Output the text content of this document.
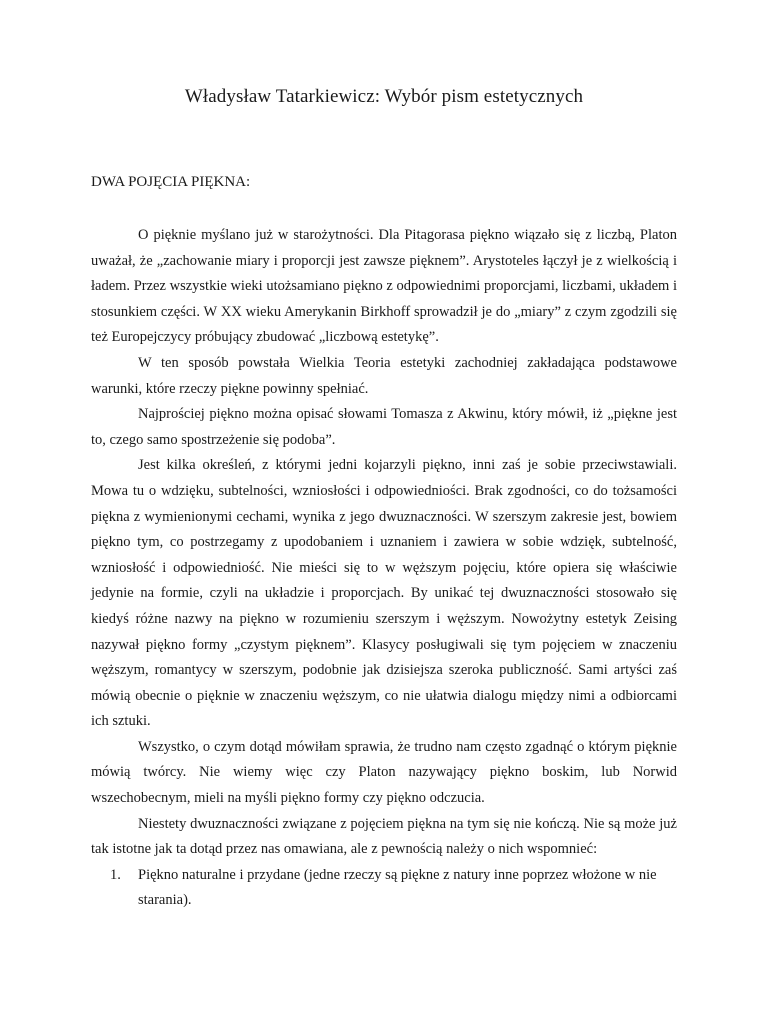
Władysław Tatarkiewicz: Wybór pism estetycznych
DWA POJĘCIA PIĘKNA:

O pięknie myślano już w starożytności. Dla Pitagorasa piękno wiązało się z liczbą, Platon uważał, że „zachowanie miary i proporcji jest zawsze pięknem”. Arystoteles łączył je z wielkością i ładem. Przez wszystkie wieki utożsamiano piękno z odpowiednimi proporcjami, liczbami, układem i stosunkiem części. W XX wieku Amerykanin Birkhoff sprowadził je do „miary” z czym zgodzili się też Europejczycy próbujący zbudować „liczbową estetykę”.

W ten sposób powstała Wielkia Teoria estetyki zachodniej zakładająca podstawowe warunki, które rzeczy piękne powinny spełniać.

Najprościej piękno można opisać słowami Tomasza z Akwinu, który mówił, iż „piękne jest to, czego samo spostrzeżenie się podoba”.

Jest kilka określeń, z którymi jedni kojarzyli piękno, inni zaś je sobie przeciwstawiali. Mowa tu o wdzięku, subtelności, wzniosłości i odpowiedniości. Brak zgodności, co do tożsamości piękna z wymienionymi cechami, wynika z jego dwuznaczności. W szerszym zakresie jest, bowiem piękno tym, co postrzegamy z upodobaniem i uznaniem i zawiera w sobie wdzięk, subtelność, wzniosłość i odpowiedniość. Nie mieści się to w węższym pojęciu, które opiera się właściwie jedynie na formie, czyli na układzie i proporcjach. By unikać tej dwuznaczności stosowało się kiedyś różne nazwy na piękno w rozumieniu szerszym i węższym. Nowożytny estetyk Zeising nazywał piękno formy „czystym pięknem”. Klasycy posługiwali się tym pojęciem w znaczeniu węższym, romantycy w szerszym, podobnie jak dzisiejsza szeroka publiczność. Sami artyści zaś mówią obecnie o pięknie w znaczeniu węższym, co nie ułatwia dialogu między nimi a odbiorcami ich sztuki.

Wszystko, o czym dotąd mówiłam sprawia, że trudno nam często zgadnąć o którym pięknie mówią twórcy. Nie wiemy więc czy Platon nazywający piękno boskim, lub Norwid wszechobecnym, mieli na myśli piękno formy czy piękno odczucia.

Niestety dwuznaczności związane z pojęciem piękna na tym się nie kończą. Nie są może już tak istotne jak ta dotąd przez nas omawiana, ale z pewnością należy o nich wspomnieć:

1. Piękno naturalne i przydane (jedne rzeczy są piękne z natury inne poprzez włożone w nie starania).
